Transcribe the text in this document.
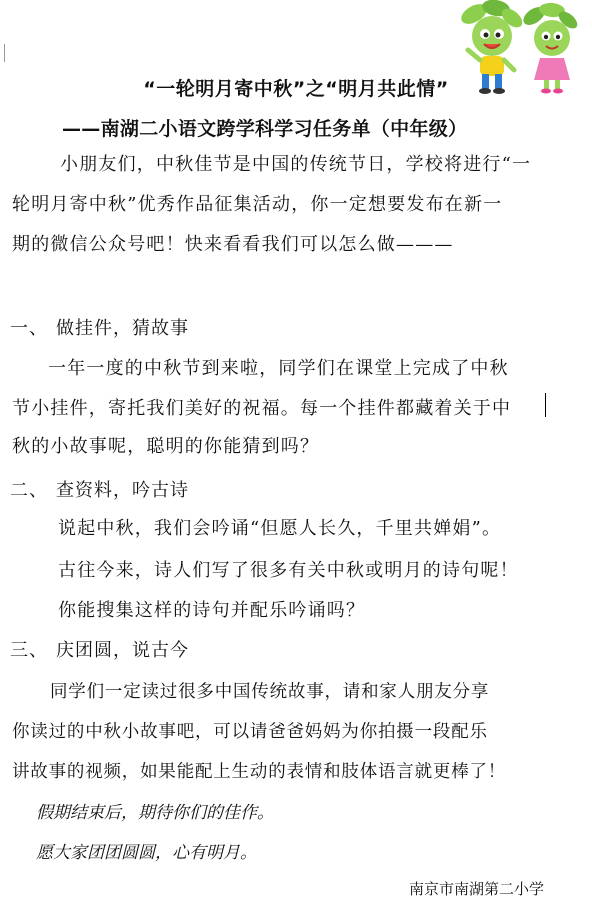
“一轮明月寄中秋”之“明月共此情”
——南湖二小语文跨学科学习任务单（中年级）
小朋友们，中秋佳节是中国的传统节日，学校将进行“一
轮明月寄中秋”优秀作品征集活动，你一定想要发布在新一
期的微信公众号吧！快来看看我们可以怎么做———
一、 做挂件，猜故事
一年一度的中秋节到来啦，同学们在课堂上完成了中秋
节小挂件，寄托我们美好的祝福。每一个挂件都藏着关于中
秋的小故事呢，聪明的你能猜到吗？
二、 查资料，吟古诗
说起中秋，我们会吟诵“但愿人长久，千里共婵娟”。
古往今来，诗人们写了很多有关中秋或明月的诗句呢！
你能搜集这样的诗句并配乐吟诵吗？
三、 庆团圆，说古今
同学们一定读过很多中国传统故事，请和家人朋友分享
你读过的中秋小故事吧，可以请爸爸妈妈为你拍摄一段配乐
讲故事的视频，如果能配上生动的表情和肢体语言就更棒了！
假期结束后，期待你们的佳作。
愿大家团团圆圆，心有明月。
南京市南湖第二小学
